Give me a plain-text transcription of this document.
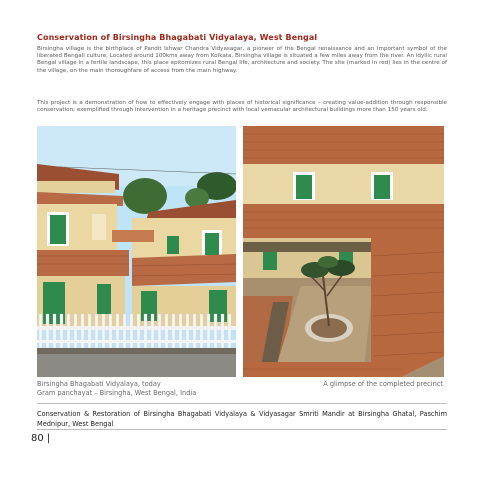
Conservation of Birsingha Bhagabati Vidyalaya, West Bengal

Birsingha village is the birthplace of Pandit Ishwar Chandra Vidyasagar, a pioneer of the Bengal renaissance and an important symbol of the liberated Bengali culture. Located around 100kms away from Kolkata, Birsingha village is situated a few miles away from the river. An idyllic rural Bengal village in a fertile landscape, this place epitomizes rural Bengal life, architecture and society. The site (marked in red) lies in the centre of the village, on the main thoroughfare of access from the main highway.

This project is a demonstration of how to effectively engage with places of historical significance – creating value-addition through responsible conservation; exemplified through intervention in a heritage precinct with local vernacular architectural buildings more than 150 years old.

Birsingha Bhagabati Vidyalaya, today
Gram panchayat – Birsingha, West Bengal, India
A glimpse of the completed precinct
Conservation & Restoration of Birsingha Bhagabati Vidyalaya & Vidyasagar Smriti Mandir at Birsingha Ghatal, Paschim Mednipur, West Bengal
80 |
